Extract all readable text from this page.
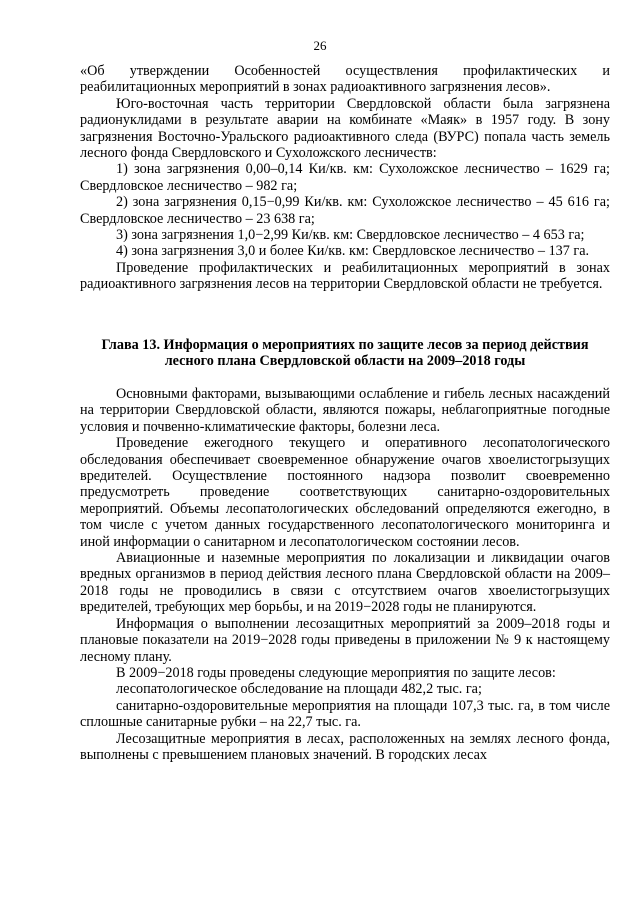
26

«Об утверждении Особенностей осуществления профилактических и реабилитационных мероприятий в зонах радиоактивного загрязнения лесов».

Юго-восточная часть территории Свердловской области была загрязнена радионуклидами в результате аварии на комбинате «Маяк» в 1957 году. В зону загрязнения Восточно-Уральского радиоактивного следа (ВУРС) попала часть земель лесного фонда Свердловского и Сухоложского лесничеств:

1) зона загрязнения 0,00–0,14 Ки/кв. км: Сухоложское лесничество – 1629 га; Свердловское лесничество – 982 га;

2) зона загрязнения 0,15−0,99 Ки/кв. км: Сухоложское лесничество – 45 616 га; Свердловское лесничество – 23 638 га;

3) зона загрязнения 1,0−2,99 Ки/кв. км: Свердловское лесничество – 4 653 га;

4) зона загрязнения 3,0 и более Ки/кв. км: Свердловское лесничество – 137 га.

Проведение профилактических и реабилитационных мероприятий в зонах радиоактивного загрязнения лесов на территории Свердловской области не требуется.

Глава 13. Информация о мероприятиях по защите лесов за период действия
лесного плана Свердловской области на 2009–2018 годы

Основными факторами, вызывающими ослабление и гибель лесных насаждений на территории Свердловской области, являются пожары, неблагоприятные погодные условия и почвенно-климатические факторы, болезни леса.

Проведение ежегодного текущего и оперативного лесопатологического обследования обеспечивает своевременное обнаружение очагов хвоелистогрызущих вредителей. Осуществление постоянного надзора позволит своевременно предусмотреть проведение соответствующих санитарно-оздоровительных мероприятий. Объемы лесопатологических обследований определяются ежегодно, в том числе с учетом данных государственного лесопатологического мониторинга и иной информации о санитарном и лесопатологическом состоянии лесов.

Авиационные и наземные мероприятия по локализации и ликвидации очагов вредных организмов в период действия лесного плана Свердловской области на 2009–2018 годы не проводились в связи с отсутствием очагов хвоелистогрызущих вредителей, требующих мер борьбы, и на 2019−2028 годы не планируются.

Информация о выполнении лесозащитных мероприятий за 2009–2018 годы и плановые показатели на 2019−2028 годы приведены в приложении № 9 к настоящему лесному плану.

В 2009−2018 годы проведены следующие мероприятия по защите лесов:

лесопатологическое обследование на площади 482,2 тыс. га;

санитарно-оздоровительные мероприятия на площади 107,3 тыс. га, в том числе сплошные санитарные рубки – на 22,7 тыс. га.

Лесозащитные мероприятия в лесах, расположенных на землях лесного фонда, выполнены с превышением плановых значений. В городских лесах
